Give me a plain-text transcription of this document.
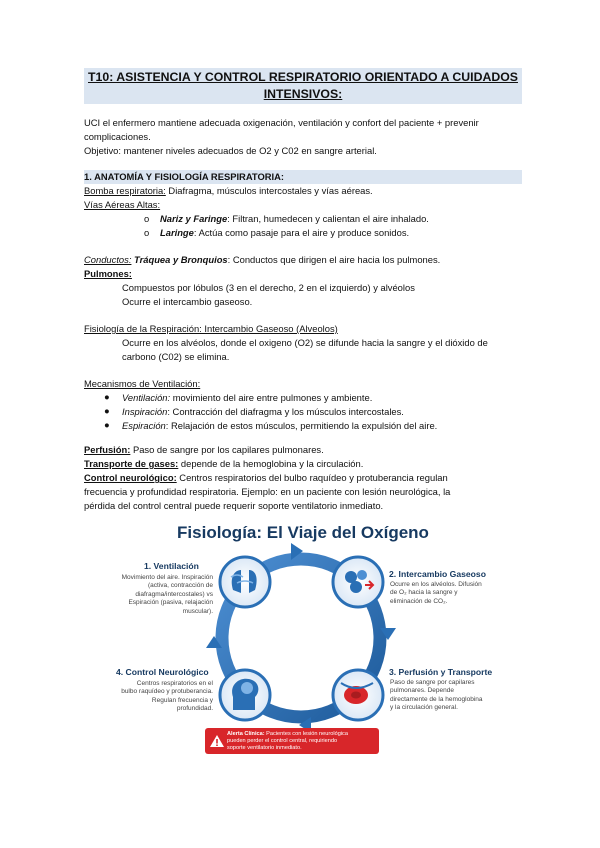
T10: ASISTENCIA Y CONTROL RESPIRATORIO ORIENTADO A CUIDADOS
INTENSIVOS:
UCI el enfermero mantiene adecuada oxigenación, ventilación y confort del paciente + prevenir
complicaciones.
Objetivo: mantener niveles adecuados de O2 y C02 en sangre arterial.
1. ANATOMÍA Y FISIOLOGÍA RESPIRATORIA:
Bomba respiratoria: Diafragma, músculos intercostales y vías aéreas.
Vías Aéreas Altas:
o Nariz y Faringe: Filtran, humedecen y calientan el aire inhalado.
o Laringe: Actúa como pasaje para el aire y produce sonidos.
Conductos: Tráquea y Bronquios: Conductos que dirigen el aire hacia los pulmones.
Pulmones:
Compuestos por lóbulos (3 en el derecho, 2 en el izquierdo) y alvéolos
Ocurre el intercambio gaseoso.
Fisiología de la Respiración: Intercambio Gaseoso (Alveolos)
Ocurre en los alvéolos, donde el oxigeno (O2) se difunde hacia la sangre y el dióxido de
carbono (C02) se elimina.
Mecanismos de Ventilación:
● Ventilación: movimiento del aire entre pulmones y ambiente.
● Inspiración: Contracción del diafragma y los músculos intercostales.
● Espiración: Relajación de estos músculos, permitiendo la expulsión del aire.
Perfusión: Paso de sangre por los capilares pulmonares.
Transporte de gases: depende de la hemoglobina y la circulación.
Control neurológico: Centros respiratorios del bulbo raquídeo y protuberancia regulan
frecuencia y profundidad respiratoria. Ejemplo: en un paciente con lesión neurológica, la
pérdida del control central puede requerir soporte ventilatorio inmediato.
Fisiología: El Viaje del Oxígeno
1. Ventilación
Movimiento del aire. Inspiración
(activa, contracción de
diafragma/intercostales) vs
Espiración (pasiva, relajación
muscular).
2. Intercambio Gaseoso
Ocurre en los alvéolos. Difusión
de O₂ hacia la sangre y
eliminación de CO₂.
3. Perfusión y Transporte
Paso de sangre por capilares
pulmonares. Depende
directamente de la hemoglobina
y la circulación general.
4. Control Neurológico
Centros respiratorios en el
bulbo raquídeo y protuberancia.
Regulan frecuencia y
profundidad.
Alerta Clínica: Pacientes con lesión neurológica
pueden perder el control central, requiriendo
soporte ventilatorio inmediato.
